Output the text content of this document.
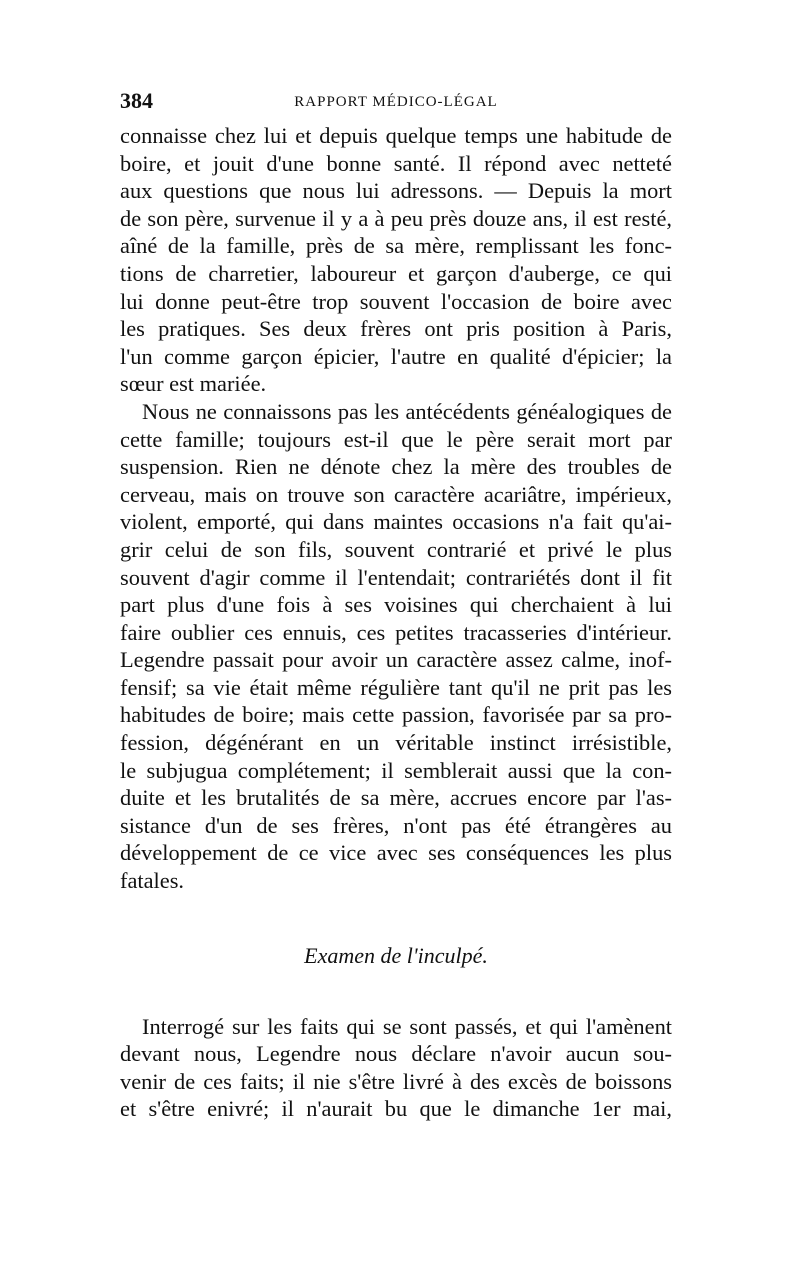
384	RAPPORT MÉDICO-LÉGAL

connaisse chez lui et depuis quelque temps une habitude de
boire, et jouit d'une bonne santé. Il répond avec netteté
aux questions que nous lui adressons. — Depuis la mort
de son père, survenue il y a à peu près douze ans, il est resté,
aîné de la famille, près de sa mère, remplissant les fonc-
tions de charretier, laboureur et garçon d'auberge, ce qui
lui donne peut-être trop souvent l'occasion de boire avec
les pratiques. Ses deux frères ont pris position à Paris,
l'un comme garçon épicier, l'autre en qualité d'épicier; la
sœur est mariée.

Nous ne connaissons pas les antécédents généalogiques de
cette famille; toujours est-il que le père serait mort par
suspension. Rien ne dénote chez la mère des troubles de
cerveau, mais on trouve son caractère acariâtre, impérieux,
violent, emporté, qui dans maintes occasions n'a fait qu'ai-
grir celui de son fils, souvent contrarié et privé le plus
souvent d'agir comme il l'entendait; contrariétés dont il fit
part plus d'une fois à ses voisines qui cherchaient à lui
faire oublier ces ennuis, ces petites tracasseries d'intérieur.
Legendre passait pour avoir un caractère assez calme, inof-
fensif; sa vie était même régulière tant qu'il ne prit pas les
habitudes de boire; mais cette passion, favorisée par sa pro-
fession, dégénérant en un véritable instinct irrésistible,
le subjugua complétement; il semblerait aussi que la con-
duite et les brutalités de sa mère, accrues encore par l'as-
sistance d'un de ses frères, n'ont pas été étrangères au
développement de ce vice avec ses conséquences les plus
fatales.

Examen de l'inculpé.

Interrogé sur les faits qui se sont passés, et qui l'amènent
devant nous, Legendre nous déclare n'avoir aucun sou-
venir de ces faits; il nie s'être livré à des excès de boissons
et s'être enivré; il n'aurait bu que le dimanche 1er mai,
